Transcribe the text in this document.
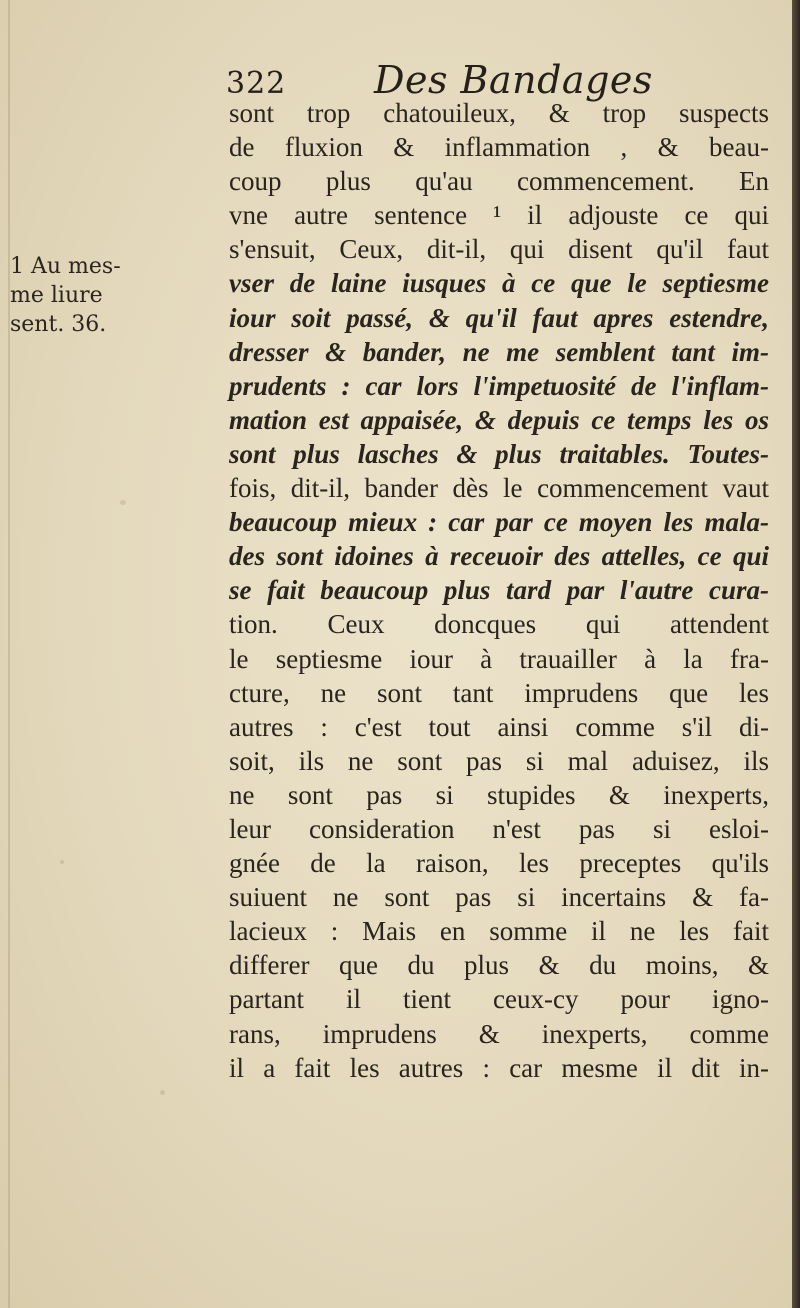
322 Des Bandages
1 Au mes-
me liure
sent. 36.
sont trop chatouileux, & trop suspects
de fluxion & inflammation , & beau-
coup plus qu'au commencement. En
vne autre sentence ¹ il adjouste ce qui
s'ensuit, Ceux, dit-il, qui disent qu'il faut
vser de laine iusques à ce que le septiesme
iour soit passé, & qu'il faut apres estendre,
dresser & bander, ne me semblent tant im-
prudents : car lors l'impetuosité de l'inflam-
mation est appaisée, & depuis ce temps les os
sont plus lasches & plus traitables. Toutes-
fois, dit-il, bander dès le commencement vaut
beaucoup mieux : car par ce moyen les mala-
des sont idoines à receuoir des attelles, ce qui
se fait beaucoup plus tard par l'autre cura-
tion. Ceux doncques qui attendent
le septiesme iour à trauailler à la fra-
cture, ne sont tant imprudens que les
autres : c'est tout ainsi comme s'il di-
soit, ils ne sont pas si mal aduisez, ils
ne sont pas si stupides & inexperts,
leur consideration n'est pas si esloi-
gnée de la raison, les preceptes qu'ils
suiuent ne sont pas si incertains & fa-
lacieux : Mais en somme il ne les fait
differer que du plus & du moins, &
partant il tient ceux-cy pour igno-
rans, imprudens & inexperts, comme
il a fait les autres : car mesme il dit in-
